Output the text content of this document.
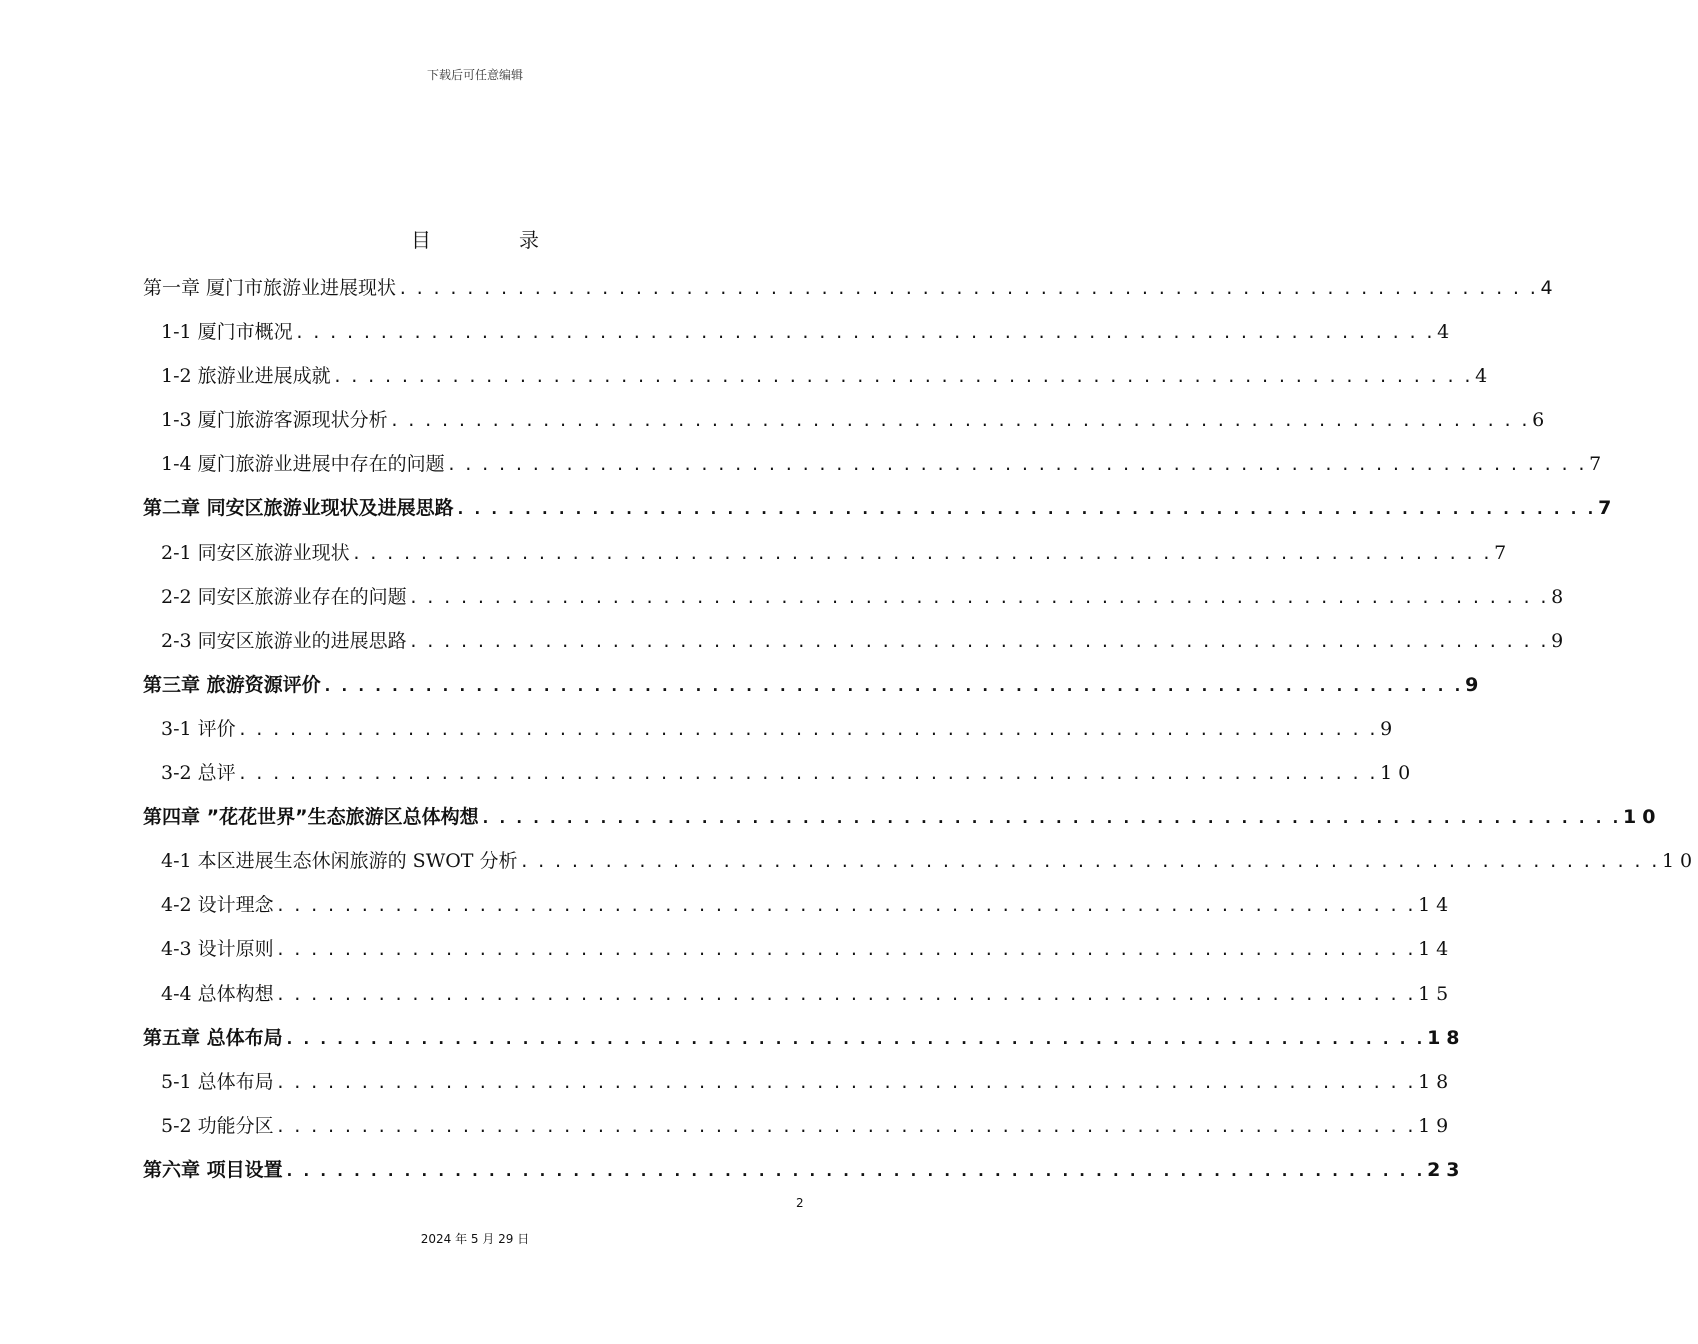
下载后可任意编辑
目	录
第一章 厦门市旅游业进展现状 . . .	4
1-1 厦门市概况 . . .	4
1-2 旅游业进展成就 . . .	4
1-3 厦门旅游客源现状分析 . . .	6
1-4 厦门旅游业进展中存在的问题 . . .	7
第二章 同安区旅游业现状及进展思路 . . .	7
2-1 同安区旅游业现状 . . .	7
2-2 同安区旅游业存在的问题 . . .	8
2-3 同安区旅游业的进展思路 . . .	9
第三章 旅游资源评价 . . .	9
3-1 评价 . . .	9
3-2 总评 . . .	10
第四章 ”花花世界”生态旅游区总体构想 . . .	10
4-1 本区进展生态休闲旅游的 SWOT 分析 . . .	10
4-2 设计理念 . . .	14
4-3 设计原则 . . .	14
4-4 总体构想 . . .	15
第五章 总体布局 . . .	18
5-1 总体布局 . . .	18
5-2 功能分区 . . .	19
第六章 项目设置 . . .	23
2
2024 年 5 月 29 日
